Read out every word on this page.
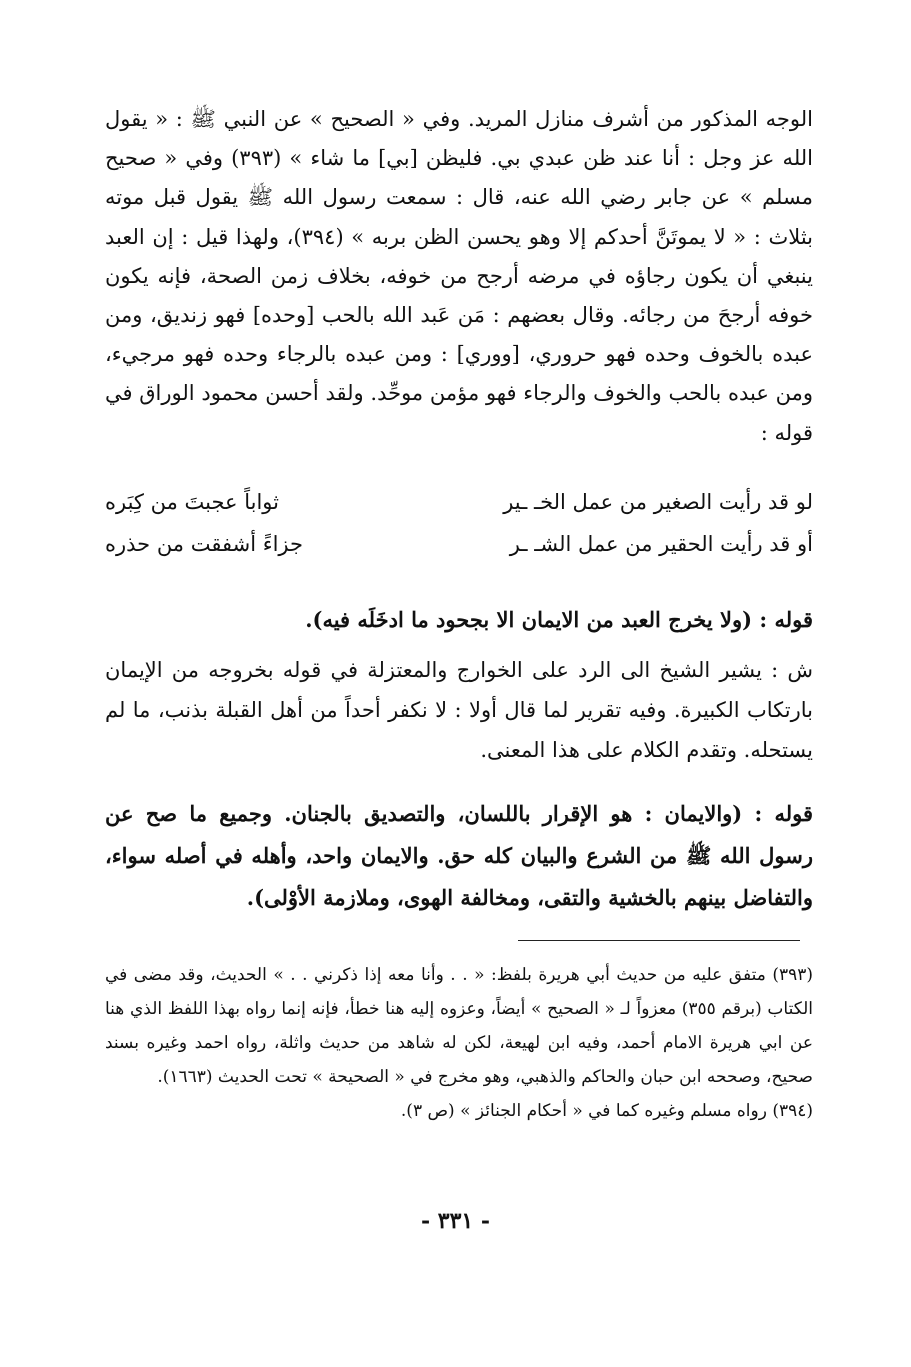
الوجه المذكور من أشرف منازل المريد. وفي « الصحيح » عن النبي ﷺ : « يقول الله عز وجل : أنا عند ظن عبدي بي. فليظن [بي] ما شاء » (٣٩٣) وفي « صحيح مسلم » عن جابر رضي الله عنه، قال : سمعت رسول الله ﷺ يقول قبل موته بثلاث : « لا يموتَنَّ أحدكم إلا وهو يحسن الظن بربه » (٣٩٤)، ولهذا قيل : إن العبد ينبغي أن يكون رجاؤه في مرضه أرجح من خوفه، بخلاف زمن الصحة، فإنه يكون خوفه أرجحَ من رجائه. وقال بعضهم : مَن عَبد الله بالحب [وحده] فهو زنديق، ومن عبده بالخوف وحده فهو حروري، [ووري] : ومن عبده بالرجاء وحده فهو مرجيء، ومن عبده بالحب والخوف والرجاء فهو مؤمن موحِّد. ولقد أحسن محمود الوراق في قوله :

لو قد رأيت الصغير من عمل الخـ ـير
ثواباً عجبتَ من كِبَره
أو قد رأيت الحقير من عمل الشـ ـر
جزاءً أشفقت من حذره
قوله : (ولا يخرج العبد من الايمان الا بجحود ما ادخَلَه فيه).
ش : يشير الشيخ الى الرد على الخوارج والمعتزلة في قوله بخروجه من الإيمان بارتكاب الكبيرة. وفيه تقرير لما قال أولا : لا نكفر أحداً من أهل القبلة بذنب، ما لم يستحله. وتقدم الكلام على هذا المعنى.
قوله : (والايمان : هو الإقرار باللسان، والتصديق بالجنان. وجميع ما صح عن رسول الله ﷺ من الشرع والبيان كله حق. والايمان واحد، وأهله في أصله سواء، والتفاضل بينهم بالخشية والتقى، ومخالفة الهوى، وملازمة الأوْلى).

(٣٩٣) متفق عليه من حديث أبي هريرة بلفظ: « . . وأنا معه إذا ذكرني . . » الحديث، وقد مضى في الكتاب (برقم ٣٥٥) معزواً لـ « الصحيح » أيضاً، وعزوه إليه هنا خطأ، فإنه إنما رواه بهذا اللفظ الذي هنا عن ابي هريرة الامام أحمد، وفيه ابن لهيعة، لكن له شاهد من حديث واثلة، رواه احمد وغيره بسند صحيح، وصححه ابن حبان والحاكم والذهبي، وهو مخرج في « الصحيحة » تحت الحديث (١٦٦٣).

(٣٩٤) رواه مسلم وغيره كما في « أحكام الجنائز » (ص ٣).

- ٣٣١ -
